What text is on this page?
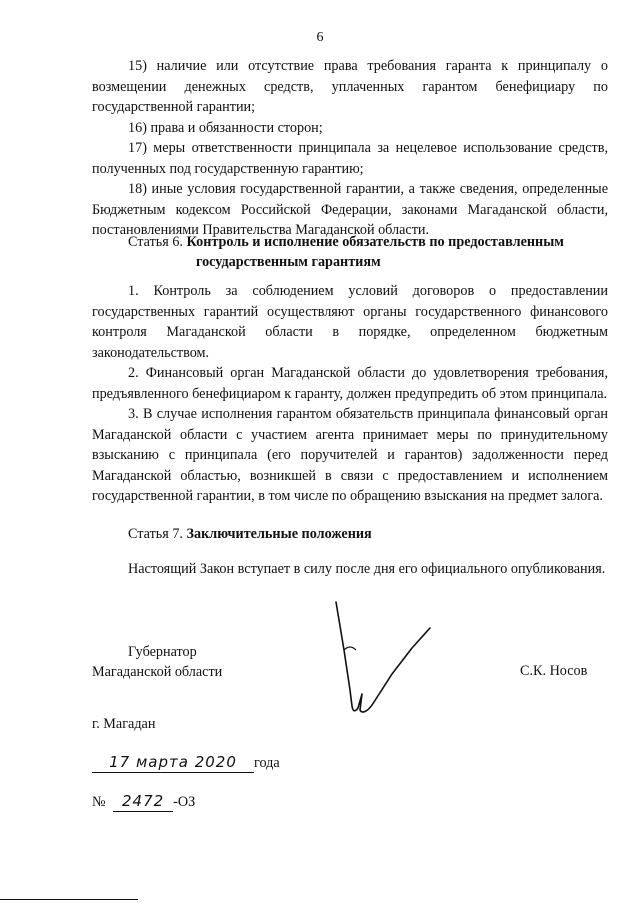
6

15) наличие или отсутствие права требования гаранта к принципалу о возмещении денежных средств, уплаченных гарантом бенефициару по государственной гарантии;

16) права и обязанности сторон;

17) меры ответственности принципала за нецелевое использование средств, полученных под государственную гарантию;

18) иные условия государственной гарантии, а также сведения, определенные Бюджетным кодексом Российской Федерации, законами Магаданской области, постановлениями Правительства Магаданской области.

Статья 6. Контроль и исполнение обязательств по предоставленным
государственным гарантиям

1. Контроль за соблюдением условий договоров о предоставлении государственных гарантий осуществляют органы государственного финансового контроля Магаданской области в порядке, определенном бюджетным законодательством.

2. Финансовый орган Магаданской области до удовлетворения требования, предъявленного бенефициаром к гаранту, должен предупредить об этом принципала.

3. В случае исполнения гарантом обязательств принципала финансовый орган Магаданской области с участием агента принимает меры по принудительному взысканию с принципала (его поручителей и гарантов) задолженности перед Магаданской областью, возникшей в связи с предоставлением и исполнением государственной гарантии, в том числе по обращению взыскания на предмет залога.

Статья 7. Заключительные положения

Настоящий Закон вступает в силу после дня его официального опубликования.

Губернатор
Магаданской области	С.К. Носов
г. Магадан
17 марта 2020 года
№ 2472 -ОЗ
